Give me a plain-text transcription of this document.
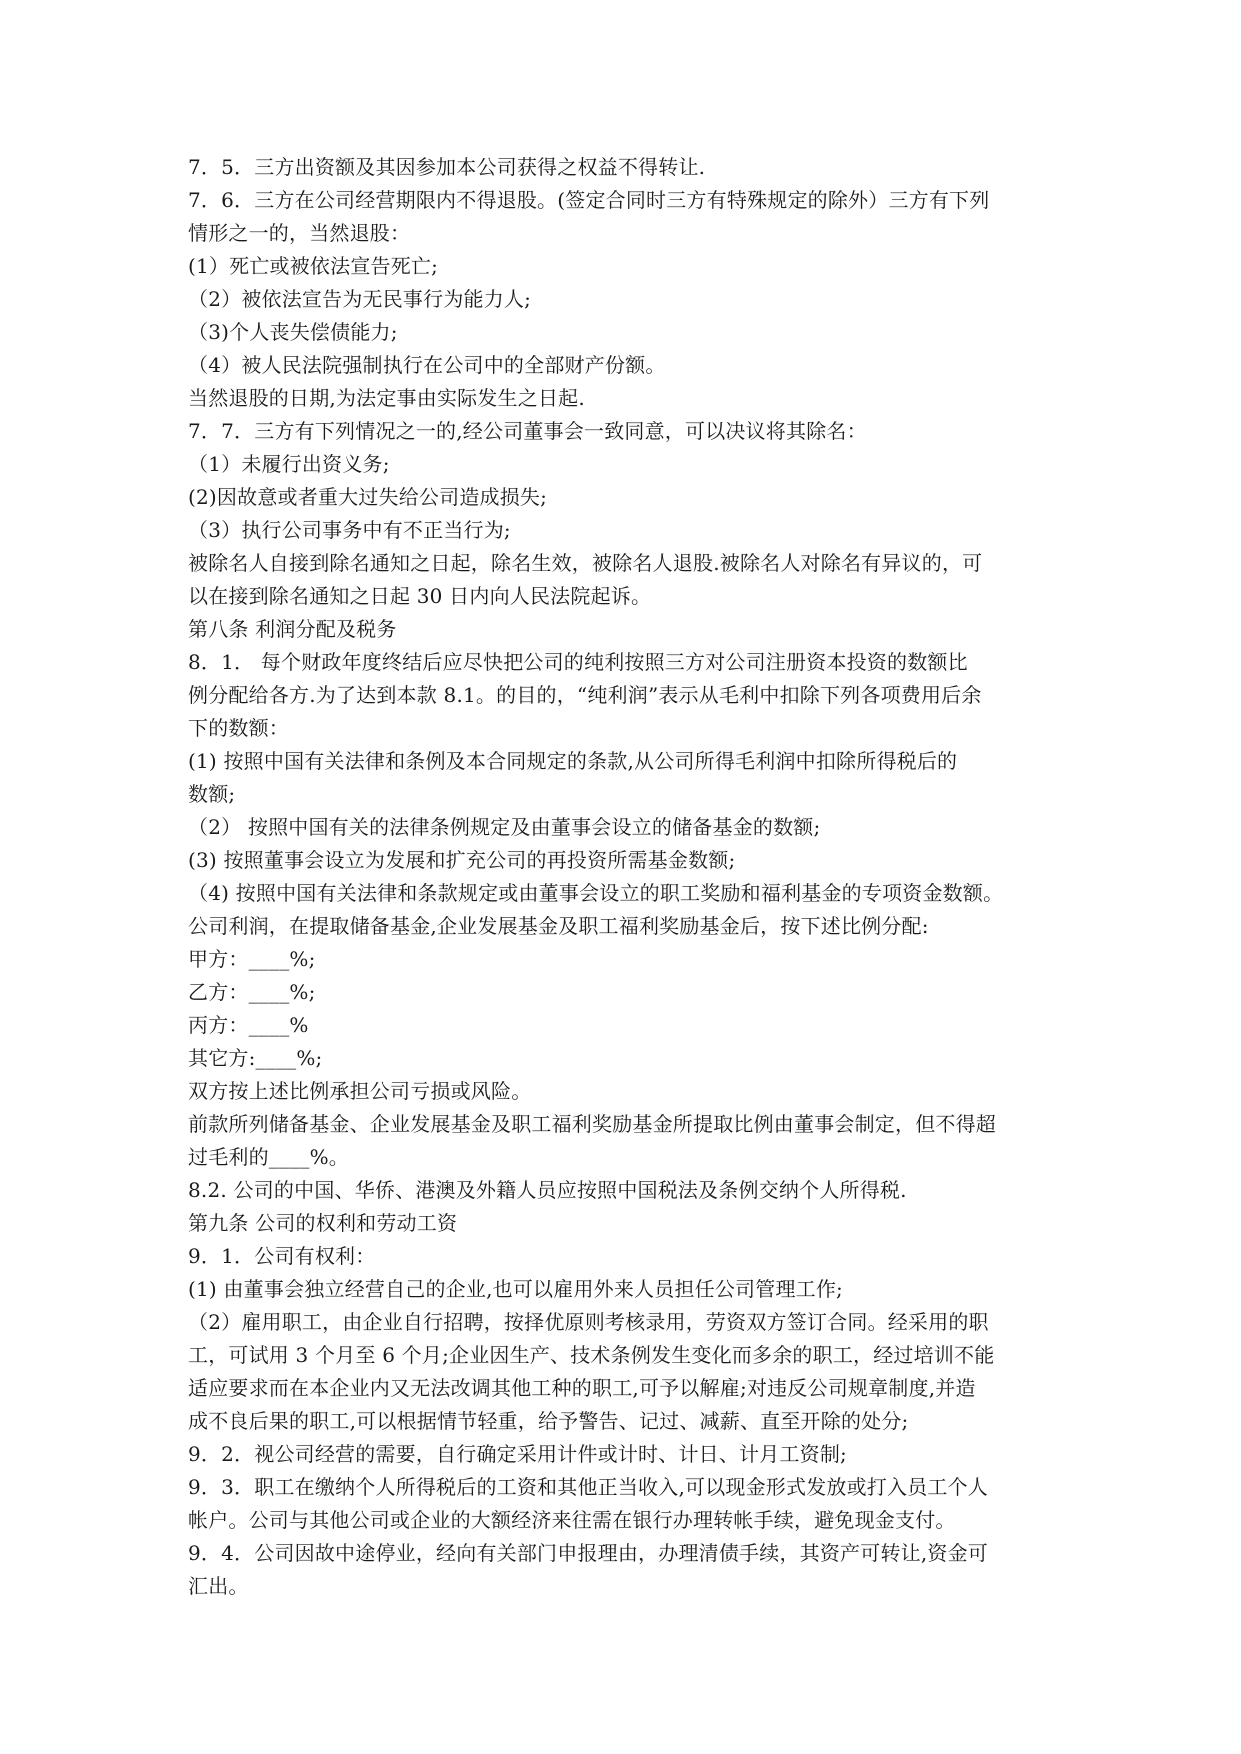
7．5．三方出资额及其因参加本公司获得之权益不得转让.
7．6．三方在公司经营期限内不得退股。(签定合同时三方有特殊规定的除外）三方有下列
情形之一的，当然退股：
(1）死亡或被依法宣告死亡;
（2）被依法宣告为无民事行为能力人;
（3)个人丧失偿债能力;
（4）被人民法院强制执行在公司中的全部财产份额。
当然退股的日期,为法定事由实际发生之日起.
7．7．三方有下列情况之一的,经公司董事会一致同意，可以决议将其除名：
（1）未履行出资义务;
(2)因故意或者重大过失给公司造成损失;
（3）执行公司事务中有不正当行为;
被除名人自接到除名通知之日起，除名生效，被除名人退股.被除名人对除名有异议的，可
以在接到除名通知之日起 30 日内向人民法院起诉。
第八条 利润分配及税务
8．1． 每个财政年度终结后应尽快把公司的纯利按照三方对公司注册资本投资的数额比
例分配给各方.为了达到本款 8.1。的目的，“纯利润”表示从毛利中扣除下列各项费用后余
下的数额：
(1) 按照中国有关法律和条例及本合同规定的条款,从公司所得毛利润中扣除所得税后的
数额;
（2） 按照中国有关的法律条例规定及由董事会设立的储备基金的数额;
(3) 按照董事会设立为发展和扩充公司的再投资所需基金数额;
（4) 按照中国有关法律和条款规定或由董事会设立的职工奖励和福利基金的专项资金数额。
公司利润，在提取储备基金,企业发展基金及职工福利奖励基金后，按下述比例分配:
甲方：____%;
乙方：____%;
丙方：____%
其它方:____%;
双方按上述比例承担公司亏损或风险。
前款所列储备基金、企业发展基金及职工福利奖励基金所提取比例由董事会制定，但不得超
过毛利的____%。
8.2. 公司的中国、华侨、港澳及外籍人员应按照中国税法及条例交纳个人所得税.
第九条 公司的权利和劳动工资
9．1．公司有权利：
(1) 由董事会独立经营自己的企业,也可以雇用外来人员担任公司管理工作;
（2）雇用职工，由企业自行招聘，按择优原则考核录用，劳资双方签订合同。经采用的职
工，可试用 3 个月至 6 个月;企业因生产、技术条例发生变化而多余的职工，经过培训不能
适应要求而在本企业内又无法改调其他工种的职工,可予以解雇;对违反公司规章制度,并造
成不良后果的职工,可以根据情节轻重，给予警告、记过、减薪、直至开除的处分;
9．2．视公司经营的需要，自行确定采用计件或计时、计日、计月工资制;
9．3．职工在缴纳个人所得税后的工资和其他正当收入,可以现金形式发放或打入员工个人
帐户。公司与其他公司或企业的大额经济来往需在银行办理转帐手续，避免现金支付。
9．4．公司因故中途停业，经向有关部门申报理由，办理清债手续，其资产可转让,资金可
汇出。
